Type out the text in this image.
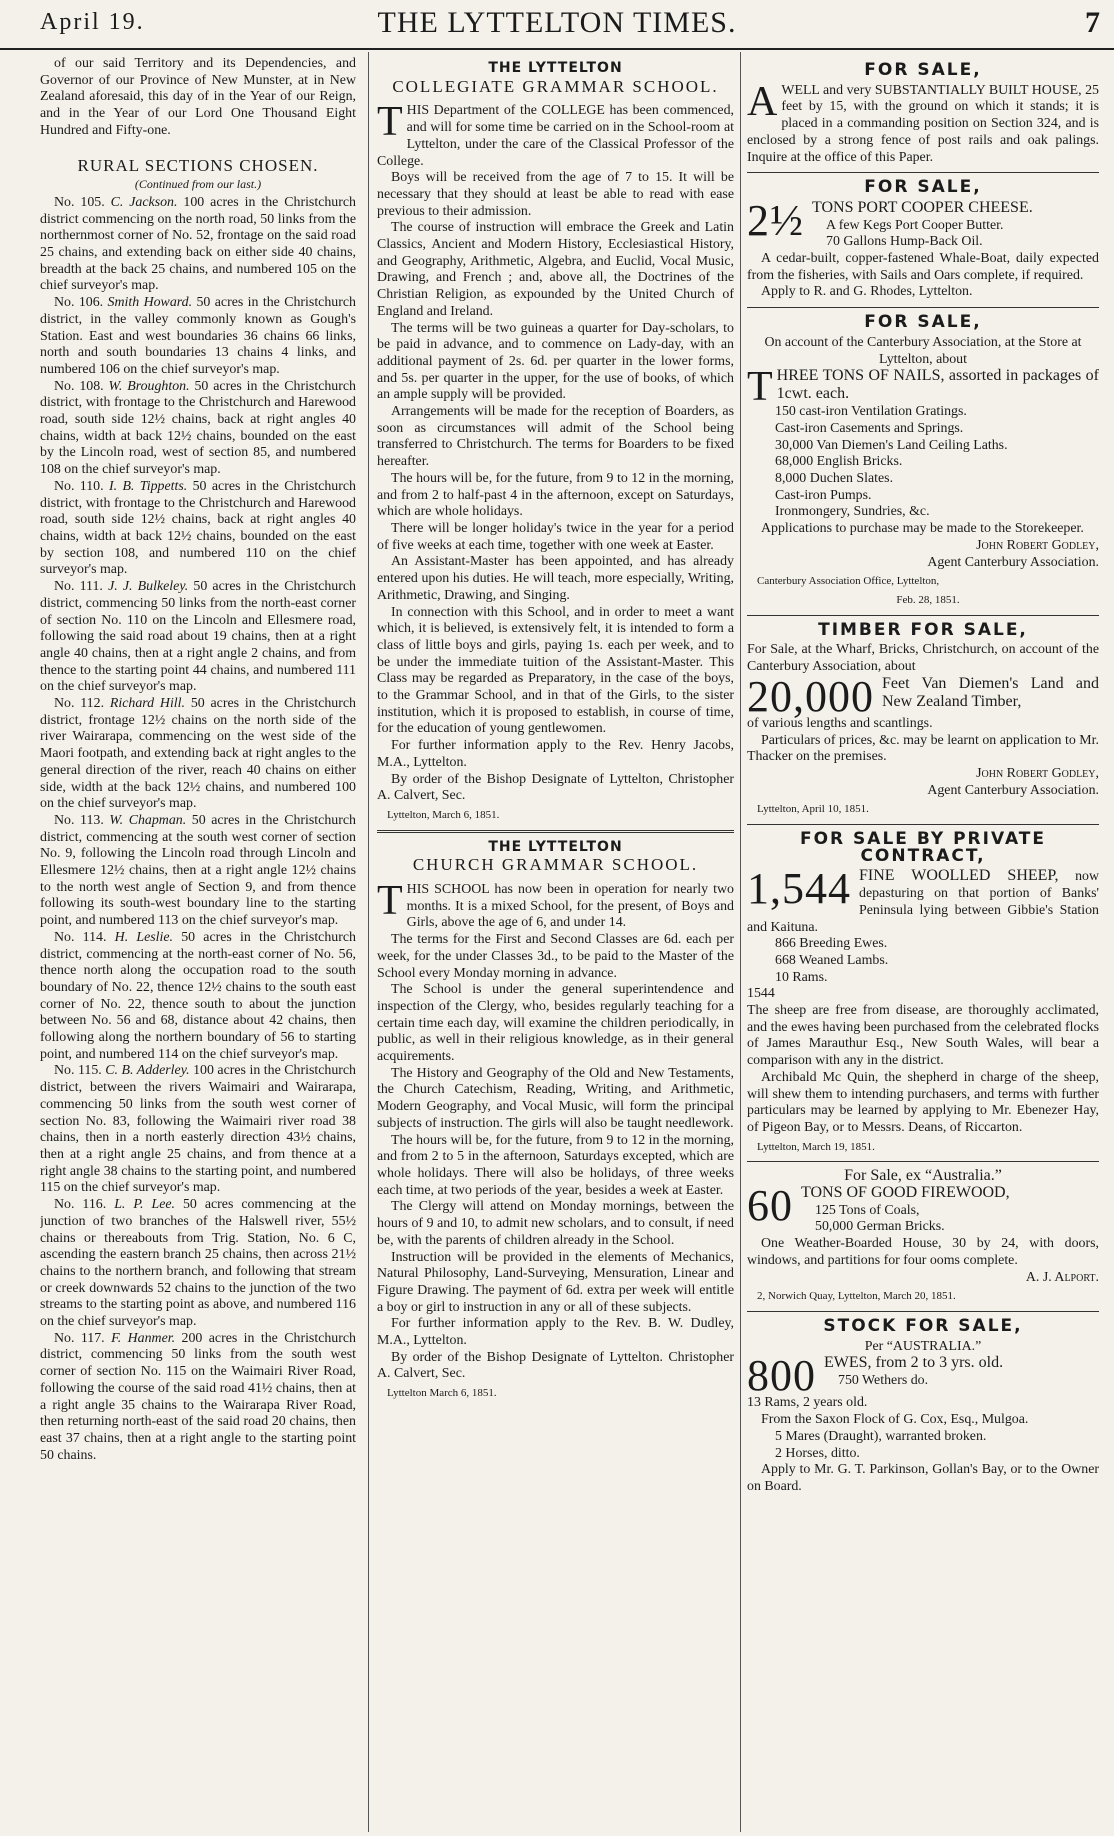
April 19.	THE LYTTELTON TIMES.	7

of our said Territory and its Dependencies, and Governor of our Province of New Munster, at in New Zealand aforesaid, this day of in the Year of our Reign, and in the Year of our Lord One Thousand Eight Hundred and Fifty-one.

RURAL SECTIONS CHOSEN.
(Continued from our last.)

No. 105. C. Jackson. 100 acres in the Christchurch district commencing on the north road, 50 links from the northernmost corner of No. 52, frontage on the said road 25 chains, and extending back on either side 40 chains, breadth at the back 25 chains, and numbered 105 on the chief surveyor's map.

No. 106. Smith Howard. 50 acres in the Christchurch district, in the valley commonly known as Gough's Station. East and west boundaries 36 chains 66 links, north and south boundaries 13 chains 4 links, and numbered 106 on the chief surveyor's map.

No. 108. W. Broughton. 50 acres in the Christchurch district, with frontage to the Christchurch and Harewood road, south side 12½ chains, back at right angles 40 chains, width at back 12½ chains, bounded on the east by the Lincoln road, west of section 85, and numbered 108 on the chief surveyor's map.

No. 110. I. B. Tippetts. 50 acres in the Christchurch district, with frontage to the Christchurch and Harewood road, south side 12½ chains, back at right angles 40 chains, width at back 12½ chains, bounded on the east by section 108, and numbered 110 on the chief surveyor's map.

No. 111. J. J. Bulkeley. 50 acres in the Christchurch district, commencing 50 links from the north-east corner of section No. 110 on the Lincoln and Ellesmere road, following the said road about 19 chains, then at a right angle 40 chains, then at a right angle 2 chains, and from thence to the starting point 44 chains, and numbered 111 on the chief surveyor's map.

No. 112. Richard Hill. 50 acres in the Christchurch district, frontage 12½ chains on the north side of the river Wairarapa, commencing on the west side of the Maori footpath, and extending back at right angles to the general direction of the river, reach 40 chains on either side, width at the back 12½ chains, and numbered 100 on the chief surveyor's map.

No. 113. W. Chapman. 50 acres in the Christchurch district, commencing at the south west corner of section No. 9, following the Lincoln road through Lincoln and Ellesmere 12½ chains, then at a right angle 12½ chains to the north west angle of Section 9, and from thence following its south-west boundary line to the starting point, and numbered 113 on the chief surveyor's map.

No. 114. H. Leslie. 50 acres in the Christchurch district, commencing at the north-east corner of No. 56, thence north along the occupation road to the south boundary of No. 22, thence 12½ chains to the south east corner of No. 22, thence south to about the junction between No. 56 and 68, distance about 42 chains, then following along the northern boundary of 56 to starting point, and numbered 114 on the chief surveyor's map.

No. 115. C. B. Adderley. 100 acres in the Christchurch district, between the rivers Waimairi and Wairarapa, commencing 50 links from the south west corner of section No. 83, following the Waimairi river road 38 chains, then in a north easterly direction 43½ chains, then at a right angle 25 chains, and from thence at a right angle 38 chains to the starting point, and numbered 115 on the chief surveyor's map.

No. 116. L. P. Lee. 50 acres commencing at the junction of two branches of the Halswell river, 55½ chains or thereabouts from Trig. Station, No. 6 C, ascending the eastern branch 25 chains, then across 21½ chains to the northern branch, and following that stream or creek downwards 52 chains to the junction of the two streams to the starting point as above, and numbered 116 on the chief surveyor's map.

No. 117. F. Hanmer. 200 acres in the Christchurch district, commencing 50 links from the south west corner of section No. 115 on the Waimairi River Road, following the course of the said road 41½ chains, then at a right angle 35 chains to the Wairarapa River Road, then returning north-east of the said road 20 chains, then east 37 chains, then at a right angle to the starting point 50 chains.

THE LYTTELTON
COLLEGIATE GRAMMAR SCHOOL.

THIS Department of the COLLEGE has been commenced, and will for some time be carried on in the School-room at Lyttelton, under the care of the Classical Professor of the College.

Boys will be received from the age of 7 to 15. It will be necessary that they should at least be able to read with ease previous to their admission.

The course of instruction will embrace the Greek and Latin Classics, Ancient and Modern History, Ecclesiastical History, and Geography, Arithmetic, Algebra, and Euclid, Vocal Music, Drawing, and French ; and, above all, the Doctrines of the Christian Religion, as expounded by the United Church of England and Ireland.

The terms will be two guineas a quarter for Day-scholars, to be paid in advance, and to commence on Lady-day, with an additional payment of 2s. 6d. per quarter in the lower forms, and 5s. per quarter in the upper, for the use of books, of which an ample supply will be provided.

Arrangements will be made for the reception of Boarders, as soon as circumstances will admit of the School being transferred to Christchurch. The terms for Boarders to be fixed hereafter.

The hours will be, for the future, from 9 to 12 in the morning, and from 2 to half-past 4 in the afternoon, except on Saturdays, which are whole holidays.

There will be longer holiday's twice in the year for a period of five weeks at each time, together with one week at Easter.

An Assistant-Master has been appointed, and has already entered upon his duties. He will teach, more especially, Writing, Arithmetic, Drawing, and Singing.

In connection with this School, and in order to meet a want which, it is believed, is extensively felt, it is intended to form a class of little boys and girls, paying 1s. each per week, and to be under the immediate tuition of the Assistant-Master. This Class may be regarded as Preparatory, in the case of the boys, to the Grammar School, and in that of the Girls, to the sister institution, which it is proposed to establish, in course of time, for the education of young gentlewomen.

For further information apply to the Rev. Henry Jacobs, M.A., Lyttelton.

By order of the Bishop Designate of Lyttelton, Christopher A. Calvert, Sec.

Lyttelton, March 6, 1851.
THE LYTTELTON
CHURCH GRAMMAR SCHOOL.

THIS SCHOOL has now been in operation for nearly two months. It is a mixed School, for the present, of Boys and Girls, above the age of 6, and under 14.

The terms for the First and Second Classes are 6d. each per week, for the under Classes 3d., to be paid to the Master of the School every Monday morning in advance.

The School is under the general superintendence and inspection of the Clergy, who, besides regularly teaching for a certain time each day, will examine the children periodically, in public, as well in their religious knowledge, as in their general acquirements.

The History and Geography of the Old and New Testaments, the Church Catechism, Reading, Writing, and Arithmetic, Modern Geography, and Vocal Music, will form the principal subjects of instruction. The girls will also be taught needlework.

The hours will be, for the future, from 9 to 12 in the morning, and from 2 to 5 in the afternoon, Saturdays excepted, which are whole holidays. There will also be holidays, of three weeks each time, at two periods of the year, besides a week at Easter.

The Clergy will attend on Monday mornings, between the hours of 9 and 10, to admit new scholars, and to consult, if need be, with the parents of children already in the School.

Instruction will be provided in the elements of Mechanics, Natural Philosophy, Land-Surveying, Mensuration, Linear and Figure Drawing. The payment of 6d. extra per week will entitle a boy or girl to instruction in any or all of these subjects.

For further information apply to the Rev. B. W. Dudley, M.A., Lyttelton.

By order of the Bishop Designate of Lyttelton. Christopher A. Calvert, Sec.

Lyttelton March 6, 1851.
FOR SALE,

AWELL and very SUBSTANTIALLY BUILT HOUSE, 25 feet by 15, with the ground on which it stands; it is placed in a commanding position on Section 324, and is enclosed by a strong fence of post rails and oak palings. Inquire at the office of this Paper.

FOR SALE,

2½ TONS PORT COOPER CHEESE.

A few Kegs Port Cooper Butter.

70 Gallons Hump-Back Oil.

A cedar-built, copper-fastened Whale-Boat, daily expected from the fisheries, with Sails and Oars complete, if required.

Apply to R. and G. Rhodes, Lyttelton.

FOR SALE,

On account of the Canterbury Association, at the Store at Lyttelton, about

THREE TONS OF NAILS, assorted in packages of 1cwt. each.

150 cast-iron Ventilation Gratings.

Cast-iron Casements and Springs.

30,000 Van Diemen's Land Ceiling Laths.

68,000 English Bricks.

8,000 Duchen Slates.

Cast-iron Pumps.

Ironmongery, Sundries, &c.

Applications to purchase may be made to the Storekeeper.

John Robert Godley,

Agent Canterbury Association.

Canterbury Association Office, Lyttelton,
Feb. 28, 1851.
TIMBER FOR SALE,

For Sale, at the Wharf, Bricks, Christchurch, on account of the Canterbury Association, about

20,000 Feet Van Diemen's Land and New Zealand Timber,

of various lengths and scantlings.

Particulars of prices, &c. may be learnt on application to Mr. Thacker on the premises.

John Robert Godley,

Agent Canterbury Association.

Lyttelton, April 10, 1851.
FOR SALE BY PRIVATE CONTRACT,

1,544 FINE WOOLLED SHEEP, now depasturing on that portion of Banks' Peninsula lying between Gibbie's Station and Kaituna.

866 Breeding Ewes.

668 Weaned Lambs.

10 Rams.

1544

The sheep are free from disease, are thoroughly acclimated, and the ewes having been purchased from the celebrated flocks of James Marauthur Esq., New South Wales, will bear a comparison with any in the district.

Archibald Mc Quin, the shepherd in charge of the sheep, will shew them to intending purchasers, and terms with further particulars may be learned by applying to Mr. Ebenezer Hay, of Pigeon Bay, or to Messrs. Deans, of Riccarton.

Lyttelton, March 19, 1851.
For Sale, ex “Australia.”

60 TONS OF GOOD FIREWOOD,

125 Tons of Coals,

50,000 German Bricks.

One Weather-Boarded House, 30 by 24, with doors, windows, and partitions for four ooms complete.

A. J. Alport.

2, Norwich Quay, Lyttelton, March 20, 1851.
STOCK FOR SALE,

Per “AUSTRALIA.”

800 EWES, from 2 to 3 yrs. old.

750 Wethers do.

13 Rams, 2 years old.

From the Saxon Flock of G. Cox, Esq., Mulgoa.

5 Mares (Draught), warranted broken.

2 Horses, ditto.

Apply to Mr. G. T. Parkinson, Gollan's Bay, or to the Owner on Board.
